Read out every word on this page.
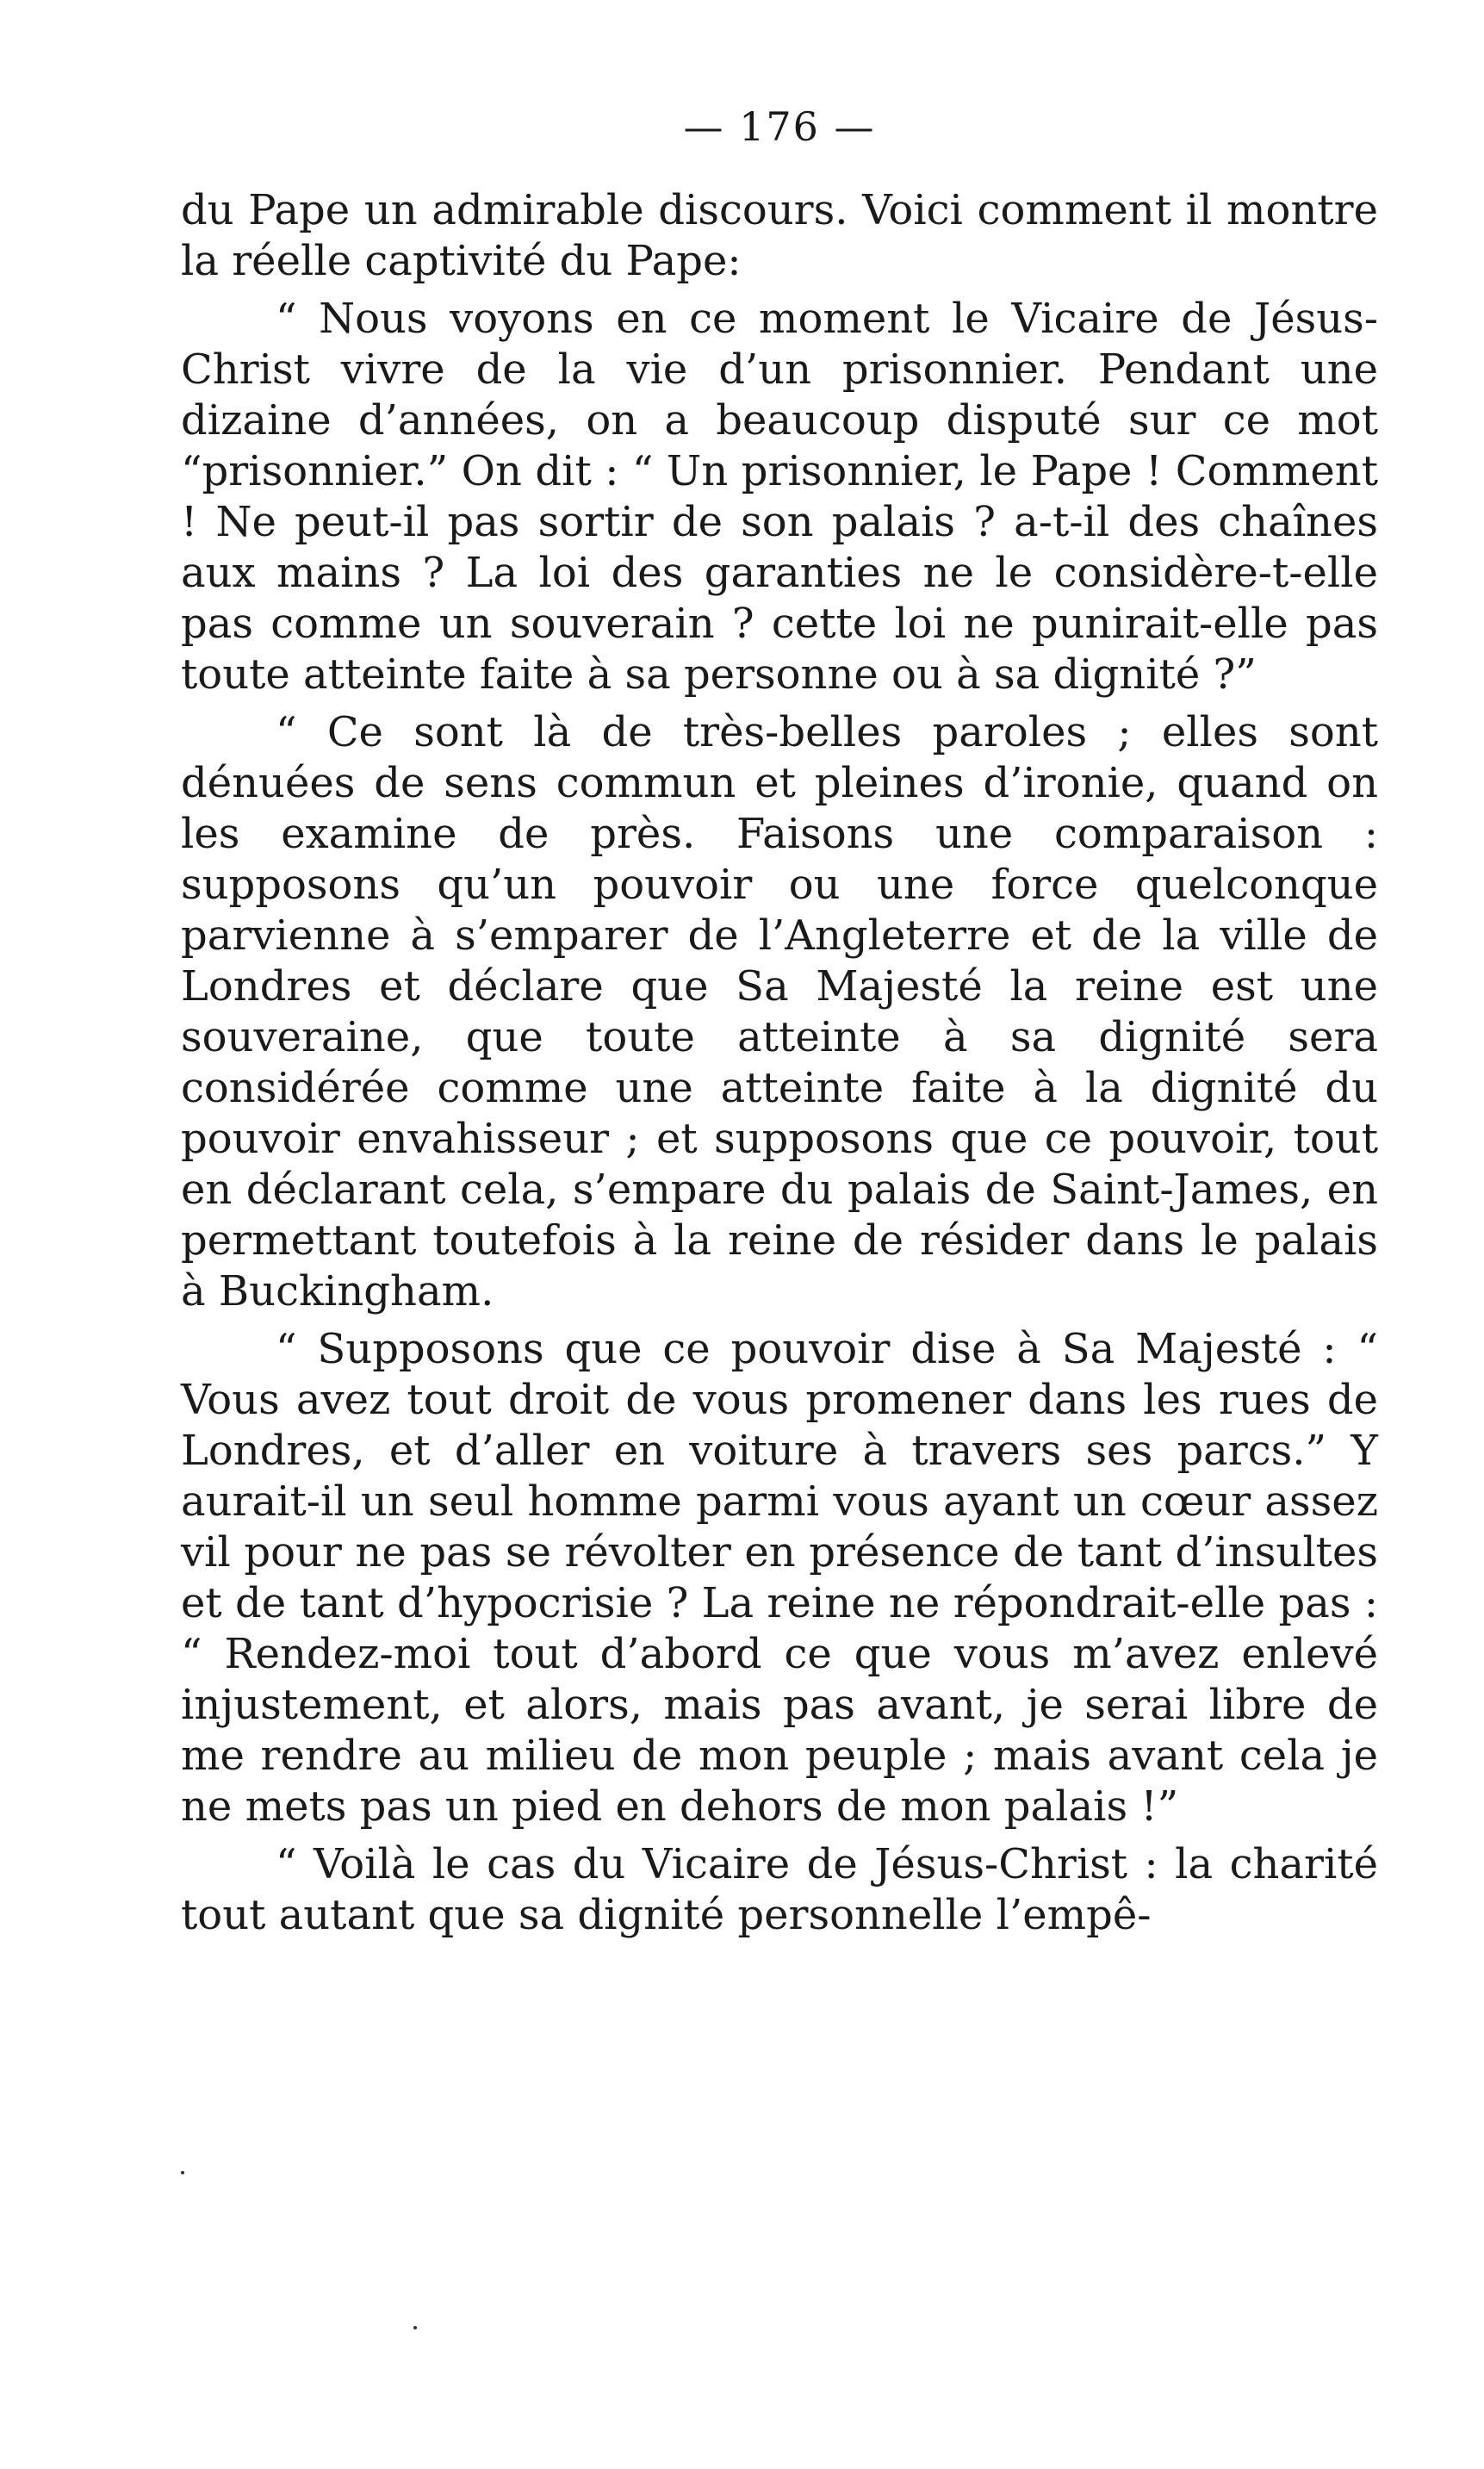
— 176 —

du Pape un admirable discours. Voici comment il montre la réelle captivité du Pape:

“ Nous voyons en ce moment le Vicaire de Jésus-Christ vivre de la vie d’un prisonnier. Pendant une dizaine d’années, on a beaucoup disputé sur ce mot “prisonnier.” On dit : “ Un prisonnier, le Pape ! Comment ! Ne peut-il pas sortir de son palais ? a-t-il des chaînes aux mains ? La loi des garanties ne le considère-t-elle pas comme un souverain ? cette loi ne punirait-elle pas toute atteinte faite à sa personne ou à sa dignité ?”

“ Ce sont là de très-belles paroles ; elles sont dénuées de sens commun et pleines d’ironie, quand on les examine de près. Faisons une comparaison : supposons qu’un pouvoir ou une force quelconque parvienne à s’emparer de l’Angleterre et de la ville de Londres et déclare que Sa Majesté la reine est une souveraine, que toute atteinte à sa dignité sera considérée comme une atteinte faite à la dignité du pouvoir envahisseur ; et supposons que ce pouvoir, tout en déclarant cela, s’empare du palais de Saint-James, en permettant toutefois à la reine de résider dans le palais à Buckingham.

“ Supposons que ce pouvoir dise à Sa Majesté : “ Vous avez tout droit de vous promener dans les rues de Londres, et d’aller en voiture à travers ses parcs.” Y aurait-il un seul homme parmi vous ayant un cœur assez vil pour ne pas se révolter en présence de tant d’insultes et de tant d’hypocrisie ? La reine ne répondrait-elle pas : “ Rendez-moi tout d’abord ce que vous m’avez enlevé injustement, et alors, mais pas avant, je serai libre de me rendre au milieu de mon peuple ; mais avant cela je ne mets pas un pied en dehors de mon palais !”

“ Voilà le cas du Vicaire de Jésus-Christ : la charité tout autant que sa dignité personnelle l’empê-
